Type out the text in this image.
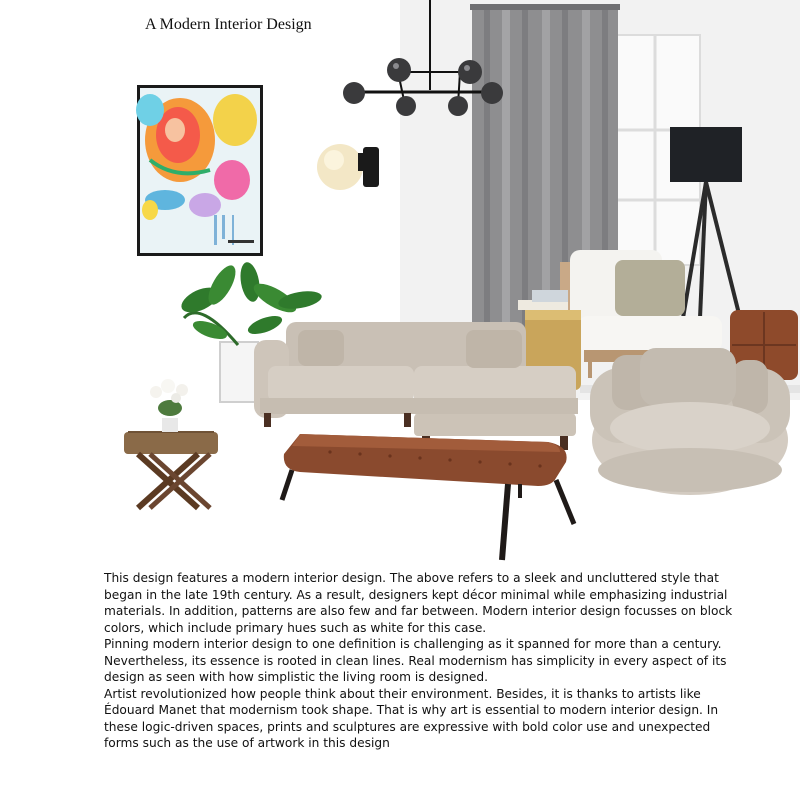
A Modern Interior Design

This design features a modern interior design. The above refers to a sleek and uncluttered style that began in the late 19th century. As a result, designers kept décor minimal while emphasizing industrial materials. In addition, patterns are also few and far between. Modern interior design focusses on block colors, which include primary hues such as white for this case.

Pinning modern interior design to one definition is challenging as it spanned for more than a century. Nevertheless, its essence is rooted in clean lines. Real modernism has simplicity in every aspect of its design as seen with how simplistic the living room is designed.

Artist revolutionized how people think about their environment. Besides, it is thanks to artists like Édouard Manet that modernism took shape. That is why art is essential to modern interior design. In these logic-driven spaces, prints and sculptures are expressive with bold color use and unexpected forms such as the use of artwork in this design
